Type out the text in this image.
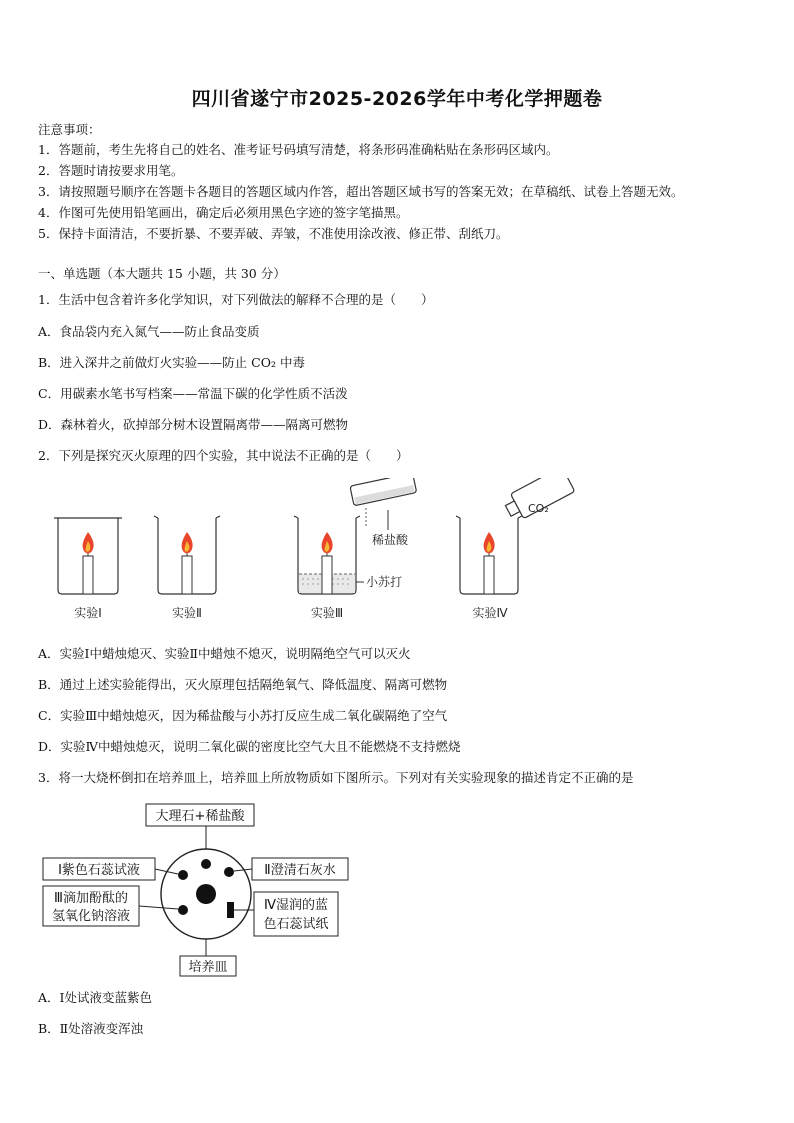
四川省遂宁市2025-2026学年中考化学押题卷
注意事项：
1．答题前，考生先将自己的姓名、准考证号码填写清楚，将条形码准确粘贴在条形码区域内。
2．答题时请按要求用笔。
3．请按照题号顺序在答题卡各题目的答题区域内作答，超出答题区域书写的答案无效；在草稿纸、试卷上答题无效。
4．作图可先使用铅笔画出，确定后必须用黑色字迹的签字笔描黑。
5．保持卡面清洁，不要折暴、不要弄破、弄皱，不准使用涂改液、修正带、刮纸刀。
一、单选题（本大题共 15 小题，共 30 分）
1．生活中包含着许多化学知识，对下列做法的解释不合理的是（　　）
A．食品袋内充入氮气——防止食品变质
B．进入深井之前做灯火实验——防止 CO₂ 中毒
C．用碳素水笔书写档案——常温下碳的化学性质不活泼
D．森林着火，砍掉部分树木设置隔离带——隔离可燃物
2．下列是探究灭火原理的四个实验，其中说法不正确的是（　　）
实验Ⅰ	实验Ⅱ
稀盐酸
小苏打
实验Ⅲ
CO₂
实验Ⅳ
A．实验Ⅰ中蜡烛熄灭、实验Ⅱ中蜡烛不熄灭，说明隔绝空气可以灭火
B．通过上述实验能得出，灭火原理包括隔绝氧气、降低温度、隔离可燃物
C．实验Ⅲ中蜡烛熄灭，因为稀盐酸与小苏打反应生成二氧化碳隔绝了空气
D．实验Ⅳ中蜡烛熄灭，说明二氧化碳的密度比空气大且不能燃烧不支持燃烧
3．将一大烧杯倒扣在培养皿上，培养皿上所放物质如下图所示。下列对有关实验现象的描述肯定不正确的是
大理石+稀盐酸
Ⅰ紫色石蕊试液	Ⅱ澄清石灰水
Ⅲ滴加酚酞的
氢氧化钠溶液
Ⅳ湿润的蓝
色石蕊试纸
培养皿
A．Ⅰ处试液变蓝紫色
B．Ⅱ处溶液变浑浊
